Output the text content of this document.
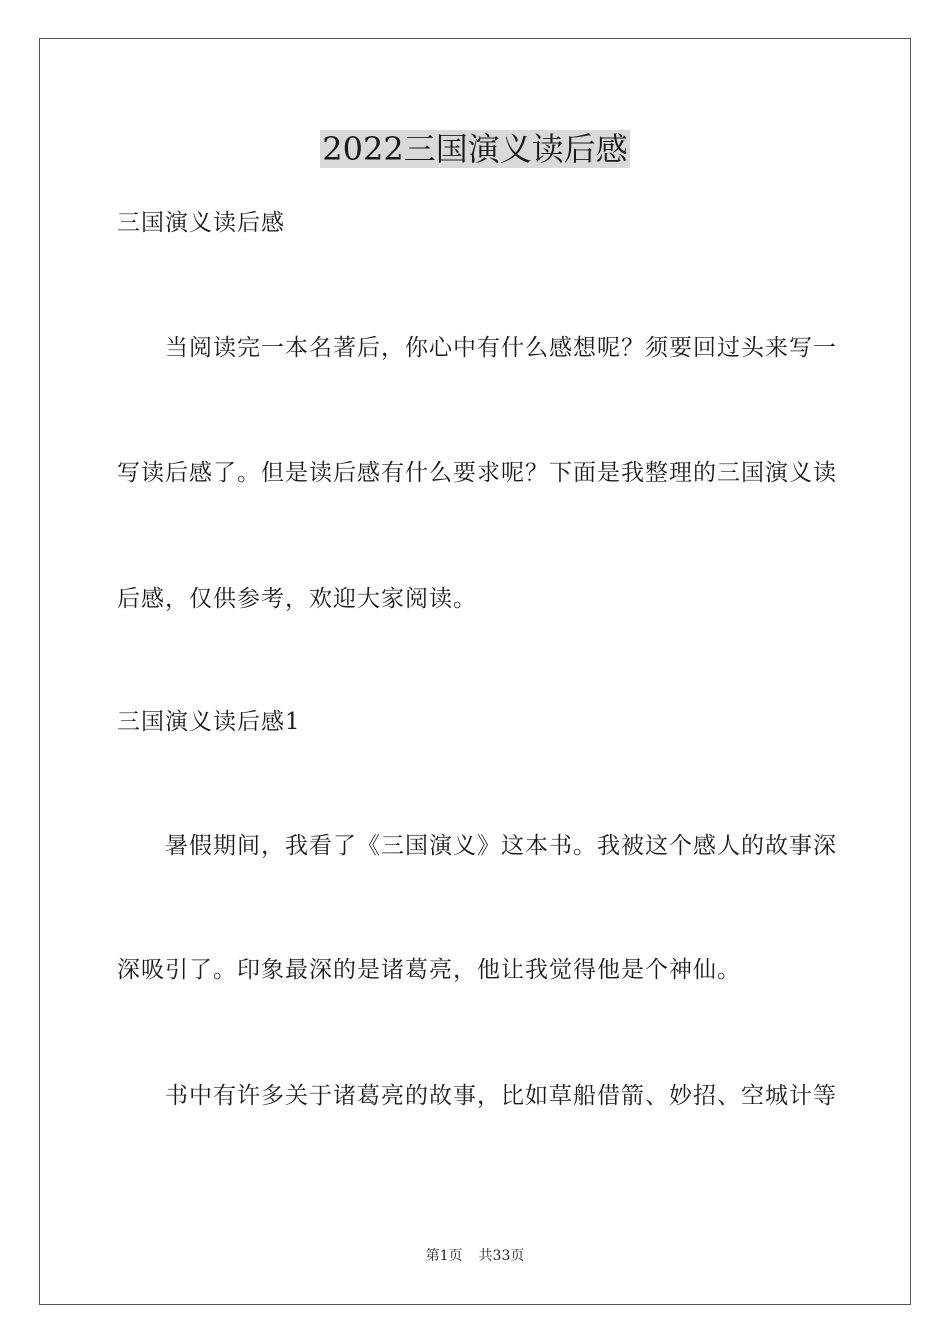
2022三国演义读后感
三国演义读后感
当阅读完一本名著后，你心中有什么感想呢？须要回过头来写一
写读后感了。但是读后感有什么要求呢？下面是我整理的三国演义读
后感，仅供参考，欢迎大家阅读。
三国演义读后感1
暑假期间，我看了《三国演义》这本书。我被这个感人的故事深
深吸引了。印象最深的是诸葛亮，他让我觉得他是个神仙。
书中有许多关于诸葛亮的故事，比如草船借箭、妙招、空城计等
第1页 共33页
